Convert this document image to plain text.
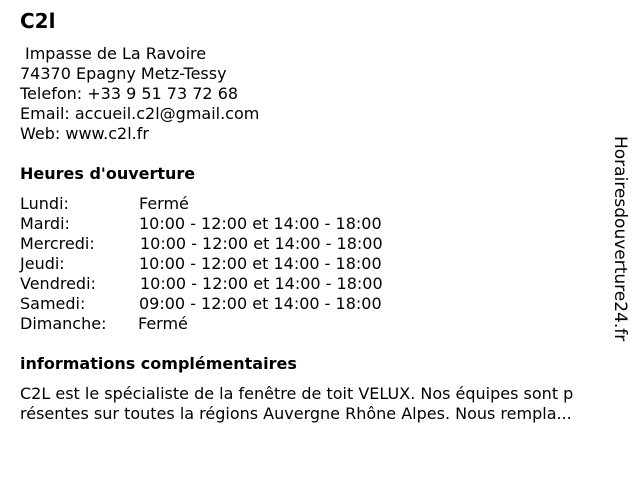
C2l
Impasse de La Ravoire
74370 Epagny Metz-Tessy
Telefon: +33 9 51 73 72 68
Email: accueil.c2l@gmail.com
Web: www.c2l.fr
Heures d'ouverture
Lundi:	Fermé
Mardi:	10:00 - 12:00 et 14:00 - 18:00
Mercredi:	10:00 - 12:00 et 14:00 - 18:00
Jeudi:	10:00 - 12:00 et 14:00 - 18:00
Vendredi:	10:00 - 12:00 et 14:00 - 18:00
Samedi:	09:00 - 12:00 et 14:00 - 18:00
Dimanche: Fermé
informations complémentaires
C2L est le spécialiste de la fenêtre de toit VELUX. Nos équipes sont p
résentes sur toutes la régions Auvergne Rhône Alpes. Nous rempla...
Horairesdouverture24.fr
